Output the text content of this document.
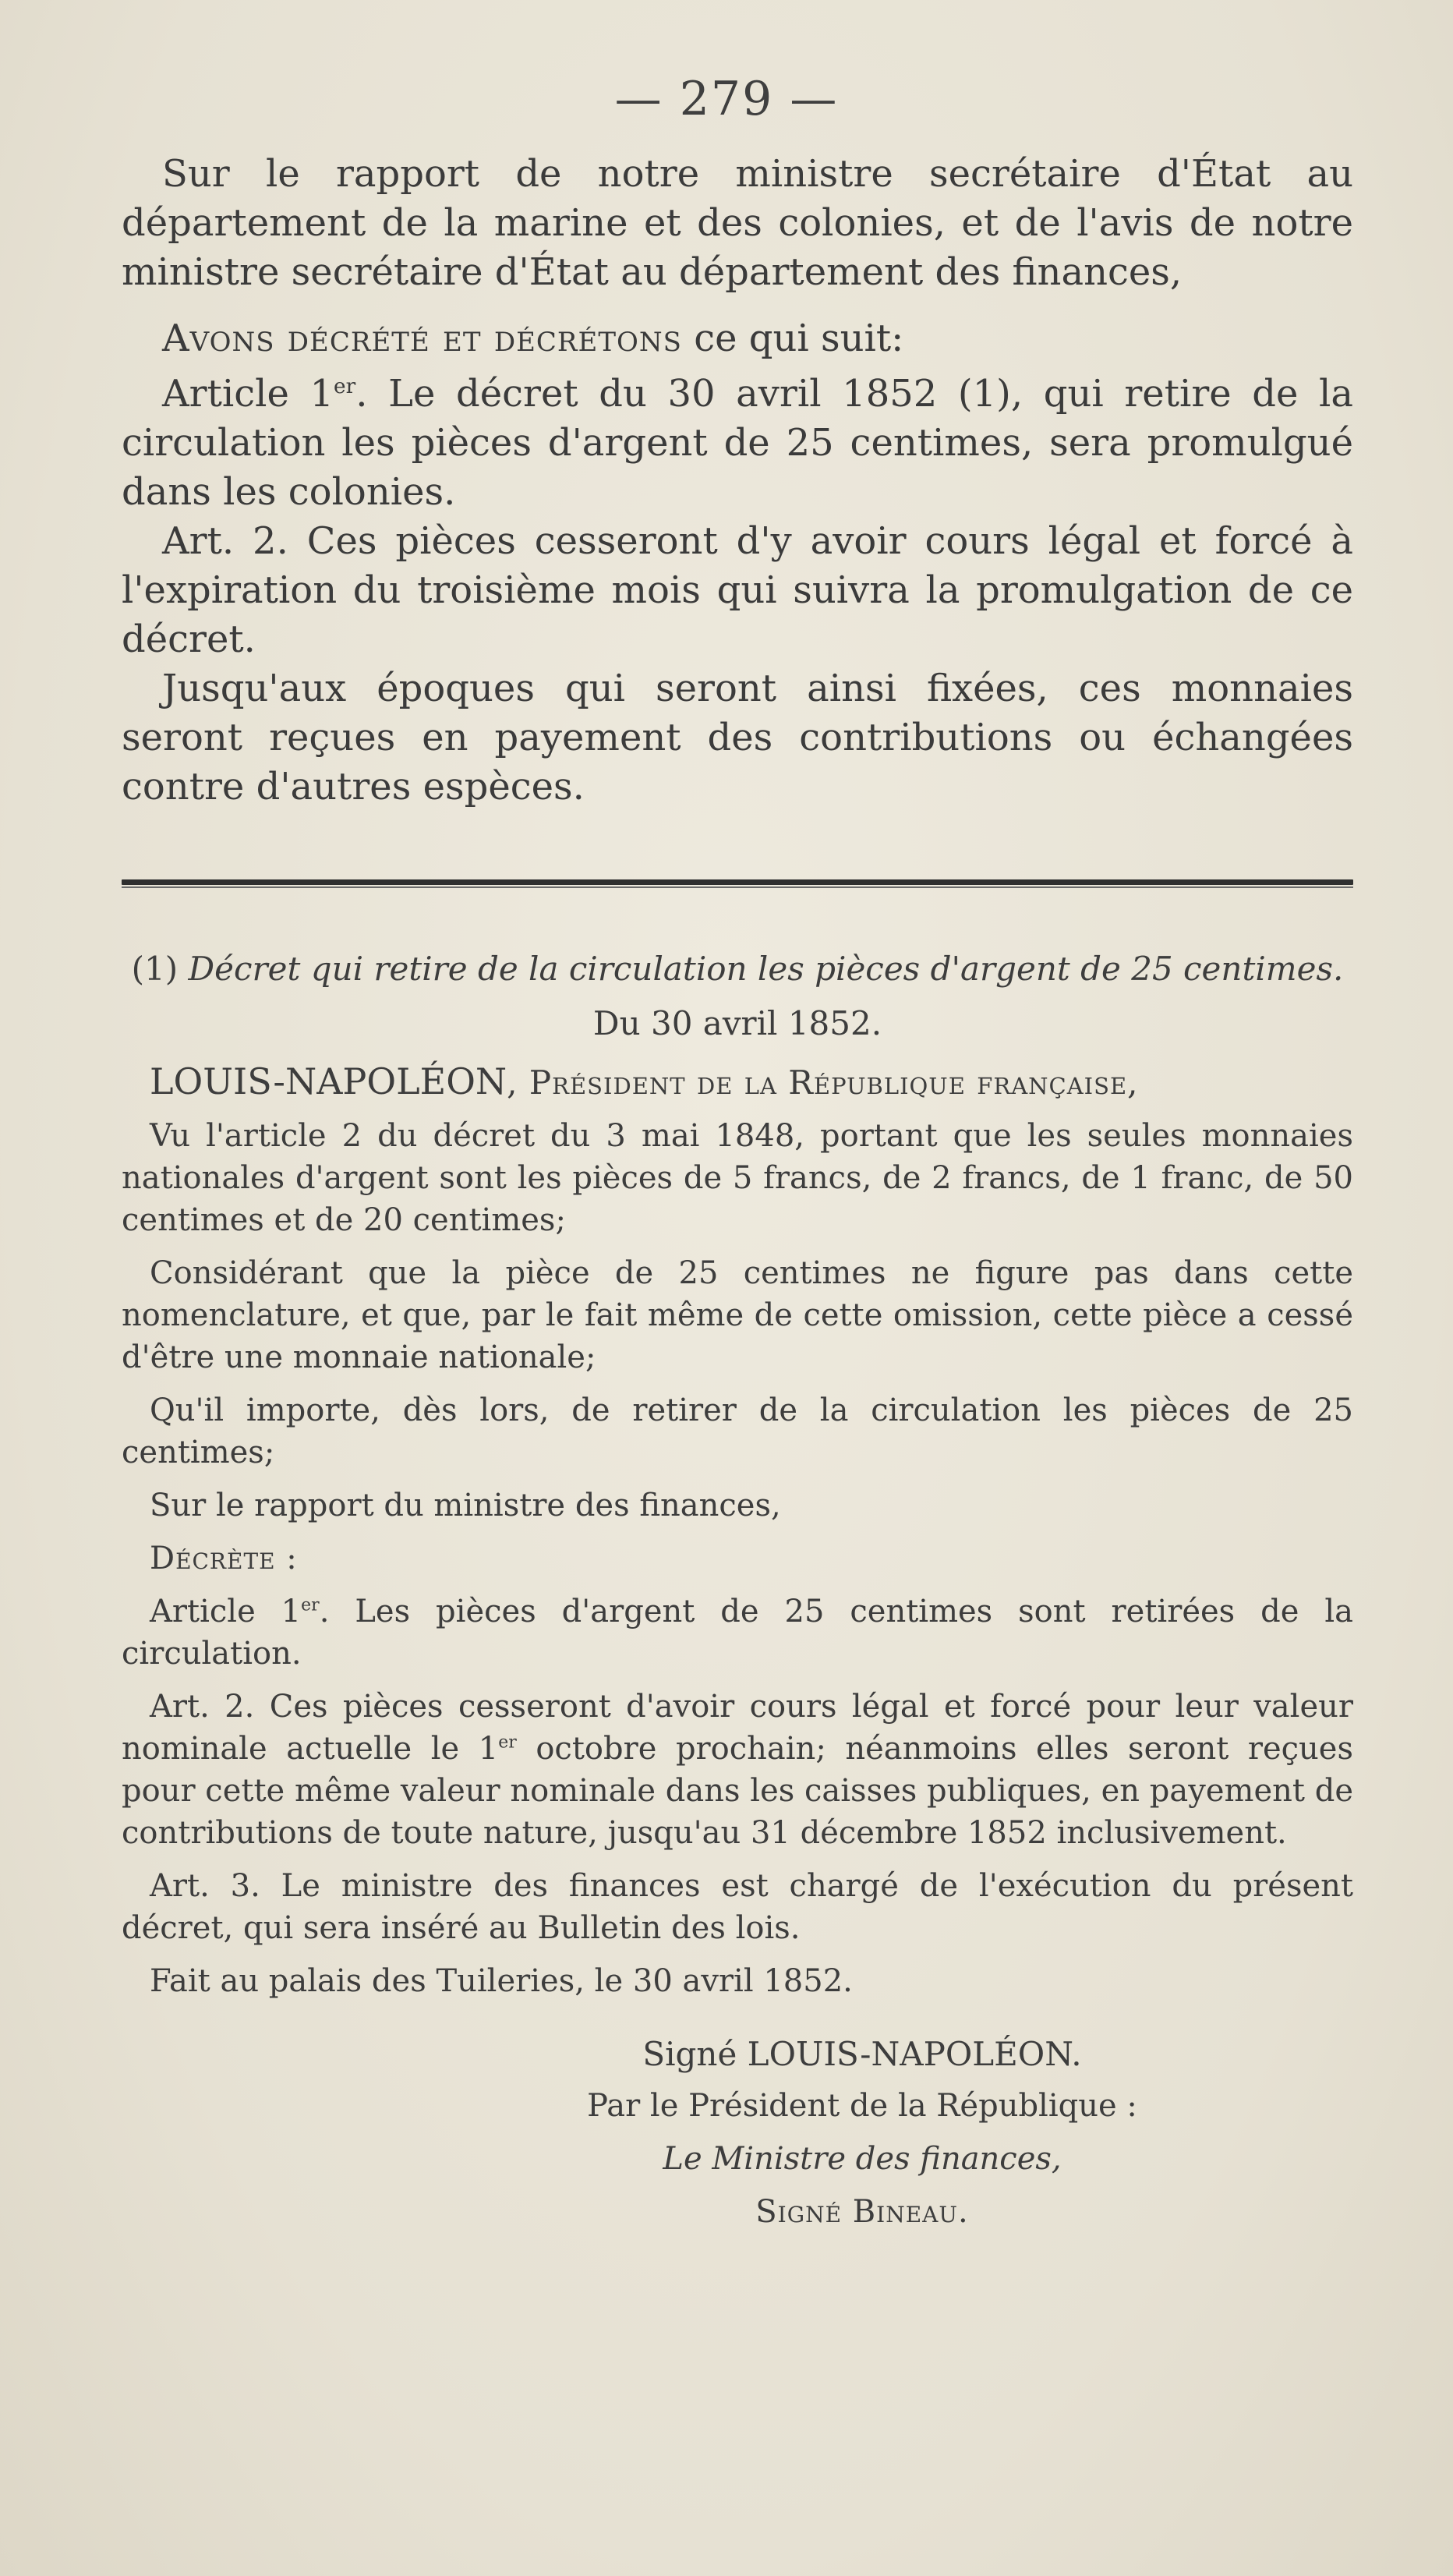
— 279 —

Sur le rapport de notre ministre secrétaire d'État au département de la marine et des colonies, et de l'avis de notre ministre secrétaire d'État au département des finances,

Avons décrété et décrétons ce qui suit:

Article 1er. Le décret du 30 avril 1852 (1), qui retire de la circulation les pièces d'argent de 25 centimes, sera promulgué dans les colonies.

Art. 2. Ces pièces cesseront d'y avoir cours légal et forcé à l'expiration du troisième mois qui suivra la promulgation de ce décret.

Jusqu'aux époques qui seront ainsi fixées, ces monnaies seront reçues en payement des contributions ou échangées contre d'autres espèces.

(1) Décret qui retire de la circulation les pièces d'argent de 25 centimes.

Du 30 avril 1852.

LOUIS-NAPOLÉON, Président de la République française,

Vu l'article 2 du décret du 3 mai 1848, portant que les seules monnaies nationales d'argent sont les pièces de 5 francs, de 2 francs, de 1 franc, de 50 centimes et de 20 centimes;

Considérant que la pièce de 25 centimes ne figure pas dans cette nomenclature, et que, par le fait même de cette omission, cette pièce a cessé d'être une monnaie nationale;

Qu'il importe, dès lors, de retirer de la circulation les pièces de 25 centimes;

Sur le rapport du ministre des finances,

Décrète :

Article 1er. Les pièces d'argent de 25 centimes sont retirées de la circulation.

Art. 2. Ces pièces cesseront d'avoir cours légal et forcé pour leur valeur nominale actuelle le 1er octobre prochain; néanmoins elles seront reçues pour cette même valeur nominale dans les caisses publiques, en payement de contributions de toute nature, jusqu'au 31 décembre 1852 inclusivement.

Art. 3. Le ministre des finances est chargé de l'exécution du présent décret, qui sera inséré au Bulletin des lois.

Fait au palais des Tuileries, le 30 avril 1852.

Signé LOUIS-NAPOLÉON.

Par le Président de la République :

Le Ministre des finances,

Signé Bineau.
